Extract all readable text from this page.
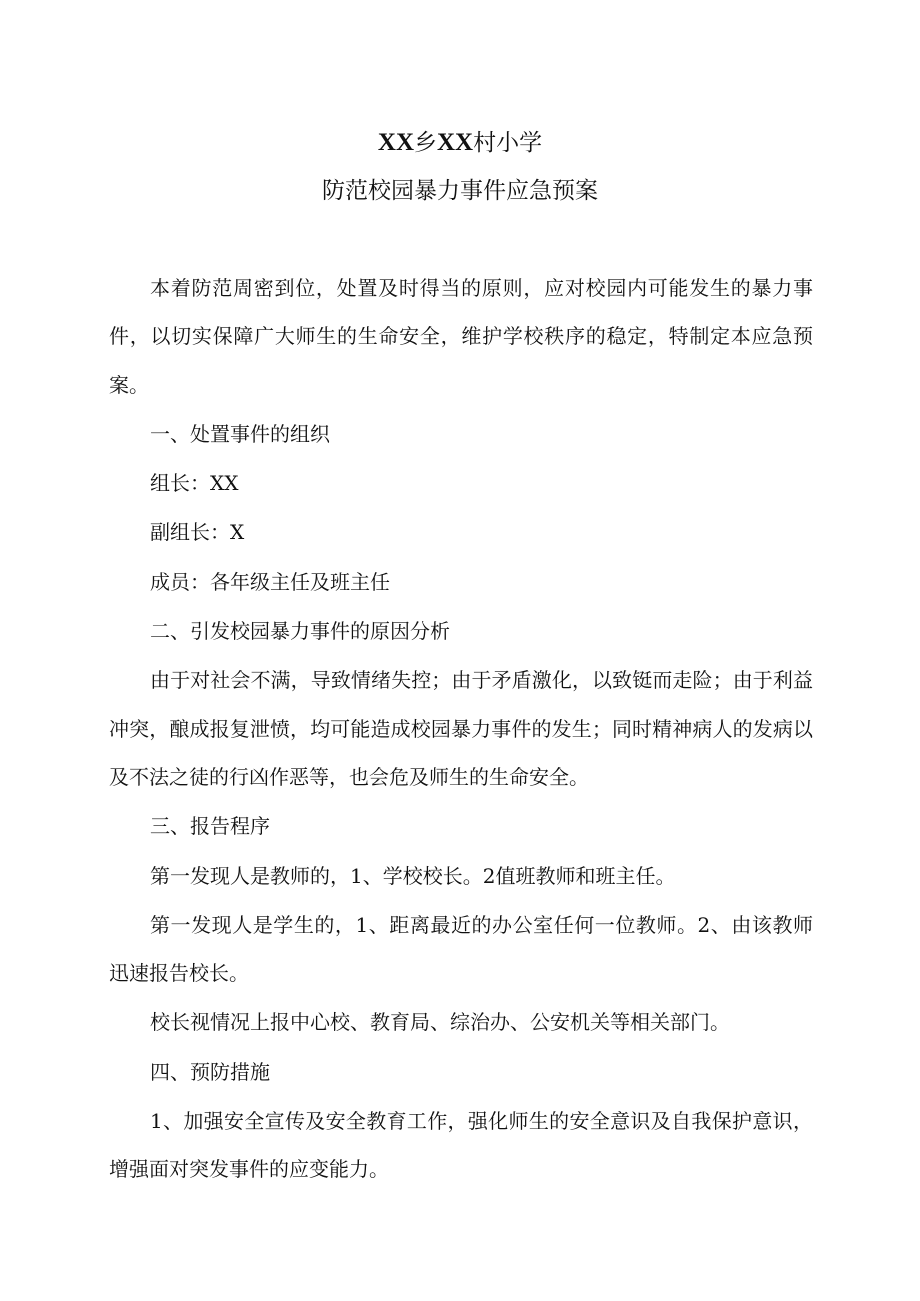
XX乡XX村小学
防范校园暴力事件应急预案

本着防范周密到位，处置及时得当的原则，应对校园内可能发生的暴力事件，以切实保障广大师生的生命安全，维护学校秩序的稳定，特制定本应急预案。

一、处置事件的组织

组长：XX

副组长：X

成员：各年级主任及班主任

二、引发校园暴力事件的原因分析

由于对社会不满，导致情绪失控；由于矛盾激化，以致铤而走险；由于利益冲突，酿成报复泄愤，均可能造成校园暴力事件的发生；同时精神病人的发病以及不法之徒的行凶作恶等，也会危及师生的生命安全。

三、报告程序

第一发现人是教师的，1、学校校长。2值班教师和班主任。

第一发现人是学生的，1、距离最近的办公室任何一位教师。2、由该教师迅速报告校长。

校长视情况上报中心校、教育局、综治办、公安机关等相关部门。

四、预防措施

1、加强安全宣传及安全教育工作，强化师生的安全意识及自我保护意识，增强面对突发事件的应变能力。
